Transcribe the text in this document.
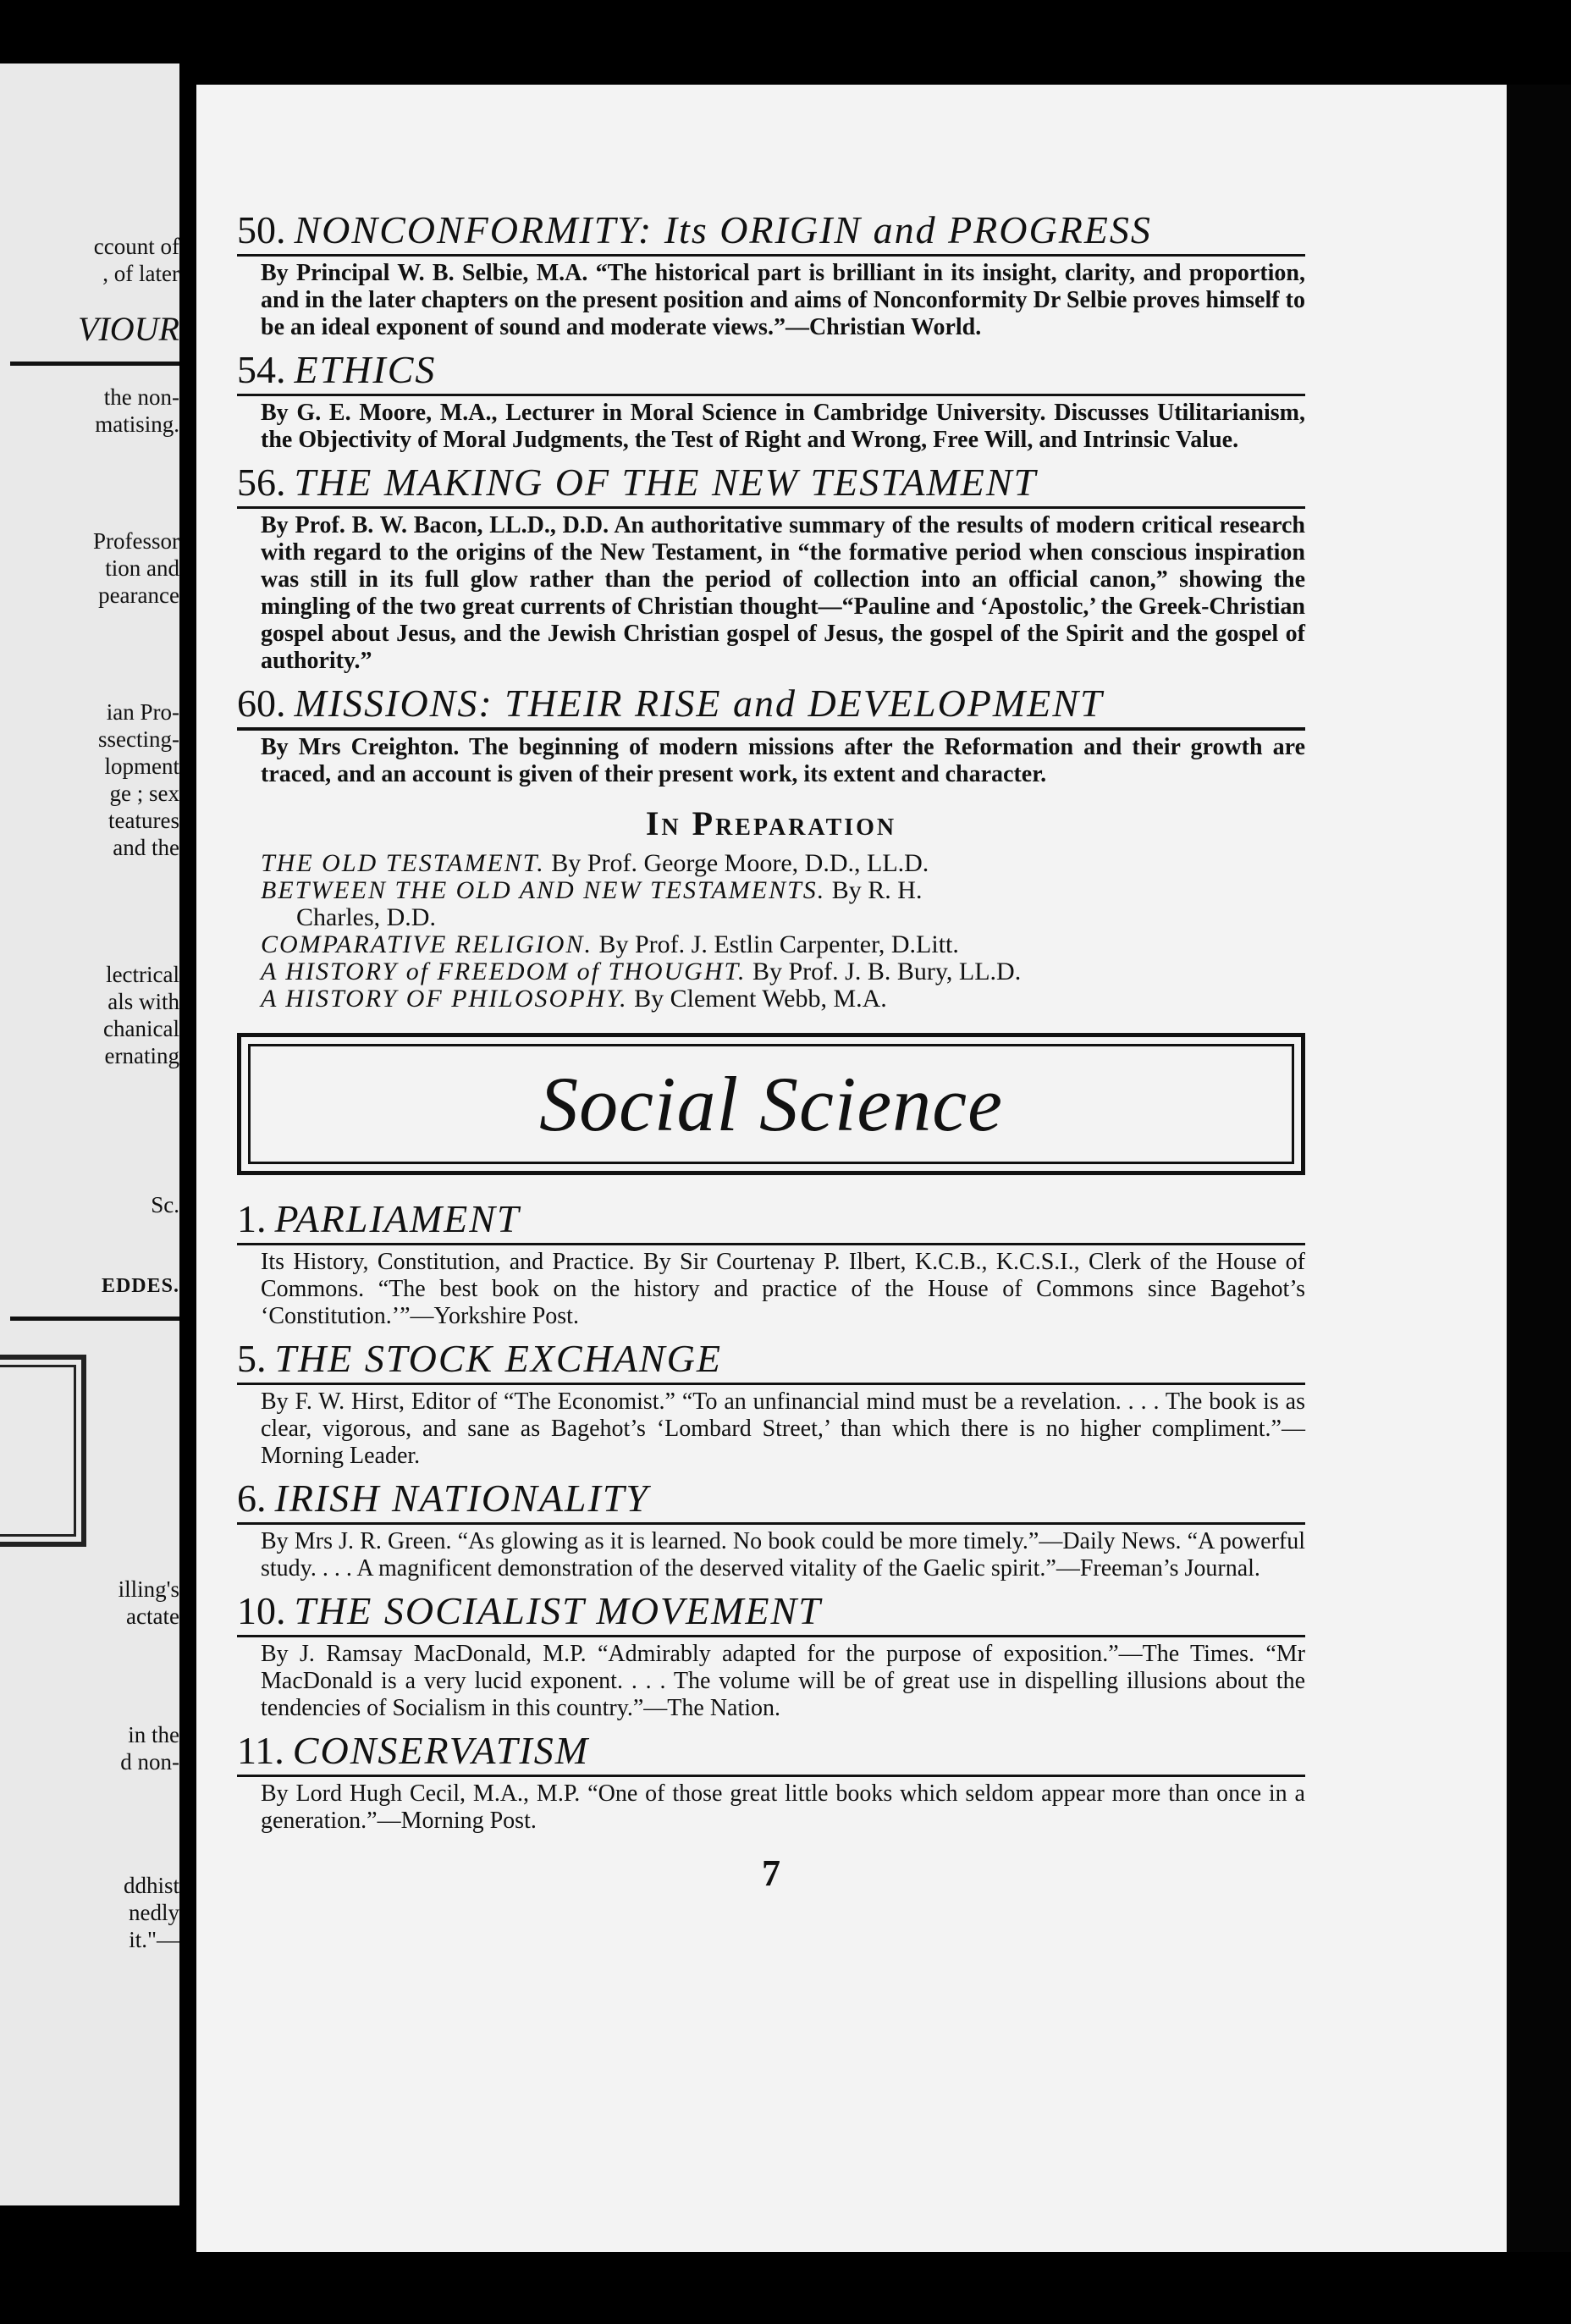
ccount of
, of later
VIOUR
the non-
matising.
Professor
tion and
pearance
ian Pro-
ssecting-
lopment
ge ; sex
teatures
and the
lectrical
als with
chanical
ernating
Sc.
EDDES.
illing's
actate
in the
d non-
ddhist
nedly
it."—
50. NONCONFORMITY: Its ORIGIN and PROGRESS
By Principal W. B. Selbie, M.A. “The historical part is brilliant in its insight, clarity, and proportion, and in the later chapters on the present position and aims of Nonconformity Dr Selbie proves himself to be an ideal exponent of sound and moderate views.”—Christian World.
54. ETHICS
By G. E. Moore, M.A., Lecturer in Moral Science in Cambridge University. Discusses Utilitarianism, the Objectivity of Moral Judgments, the Test of Right and Wrong, Free Will, and Intrinsic Value.
56. THE MAKING OF THE NEW TESTAMENT
By Prof. B. W. Bacon, LL.D., D.D. An authoritative summary of the results of modern critical research with regard to the origins of the New Testament, in “the formative period when conscious inspiration was still in its full glow rather than the period of collection into an official canon,” showing the mingling of the two great currents of Christian thought—“Pauline and ‘Apostolic,’ the Greek-Christian gospel about Jesus, and the Jewish Christian gospel of Jesus, the gospel of the Spirit and the gospel of authority.”
60. MISSIONS: THEIR RISE and DEVELOPMENT
By Mrs Creighton. The beginning of modern missions after the Reformation and their growth are traced, and an account is given of their present work, its extent and character.
In Preparation
THE OLD TESTAMENT. By Prof. George Moore, D.D., LL.D.
BETWEEN THE OLD AND NEW TESTAMENTS. By R. H.
Charles, D.D.
COMPARATIVE RELIGION. By Prof. J. Estlin Carpenter, D.Litt.
A HISTORY of FREEDOM of THOUGHT. By Prof. J. B. Bury, LL.D.
A HISTORY OF PHILOSOPHY. By Clement Webb, M.A.
Social Science
1. PARLIAMENT
Its History, Constitution, and Practice. By Sir Courtenay P. Ilbert, K.C.B., K.C.S.I., Clerk of the House of Commons. “The best book on the history and practice of the House of Commons since Bagehot’s ‘Constitution.’”—Yorkshire Post.
5. THE STOCK EXCHANGE
By F. W. Hirst, Editor of “The Economist.” “To an unfinancial mind must be a revelation. . . . The book is as clear, vigorous, and sane as Bagehot’s ‘Lombard Street,’ than which there is no higher compliment.”—Morning Leader.
6. IRISH NATIONALITY
By Mrs J. R. Green. “As glowing as it is learned. No book could be more timely.”—Daily News. “A powerful study. . . . A magnificent demonstration of the deserved vitality of the Gaelic spirit.”—Freeman’s Journal.
10. THE SOCIALIST MOVEMENT
By J. Ramsay MacDonald, M.P. “Admirably adapted for the purpose of exposition.”—The Times. “Mr MacDonald is a very lucid exponent. . . . The volume will be of great use in dispelling illusions about the tendencies of Socialism in this country.”—The Nation.
11. CONSERVATISM
By Lord Hugh Cecil, M.A., M.P. “One of those great little books which seldom appear more than once in a generation.”—Morning Post.
7
